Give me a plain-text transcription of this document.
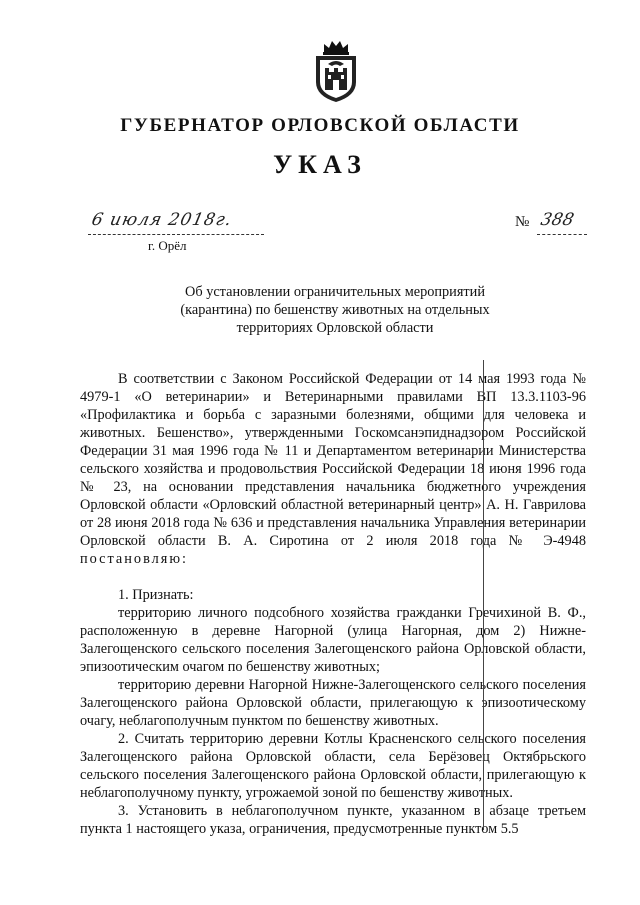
ГУБЕРНАТОР ОРЛОВСКОЙ ОБЛАСТИ
УКАЗ
6 июля 2018г.	№ 388
г. Орёл
Об установлении ограничительных мероприятий
(карантина) по бешенству животных на отдельных
территориях Орловской области

В соответствии с Законом Российской Федерации от 14 мая 1993 года № 4979-1 «О ветеринарии» и Ветеринарными правилами ВП 13.3.1103-96 «Профилактика и борьба с заразными болезнями, общими для человека и животных. Бешенство», утвержденными Госкомсанэпиднадзором Российской Федерации 31 мая 1996 года № 11 и Департаментом ветеринарии Министерства сельского хозяйства и продовольствия Российской Федерации 18 июня 1996 года № 23, на основании представления начальника бюджетного учреждения Орловской области «Орловский областной ветеринарный центр» А. Н. Гаврилова от 28 июня 2018 года № 636 и представления начальника Управления ветеринарии Орловской области В. А. Сиротина от 2 июля 2018 года № Э-4948 постановляю:

1. Признать:

территорию личного подсобного хозяйства гражданки Гречихиной В. Ф., расположенную в деревне Нагорной (улица Нагорная, дом 2) Нижне-Залегощенского сельского поселения Залегощенского района Орловской области, эпизоотическим очагом по бешенству животных;

территорию деревни Нагорной Нижне-Залегощенского сельского поселения Залегощенского района Орловской области, прилегающую к эпизоотическому очагу, неблагополучным пунктом по бешенству животных.

2. Считать территорию деревни Котлы Красненского сельского поселения Залегощенского района Орловской области, села Берёзовец Октябрьского сельского поселения Залегощенского района Орловской области, прилегающую к неблагополучному пункту, угрожаемой зоной по бешенству животных.

3. Установить в неблагополучном пункте, указанном в абзаце третьем пункта 1 настоящего указа, ограничения, предусмотренные пунктом 5.5
